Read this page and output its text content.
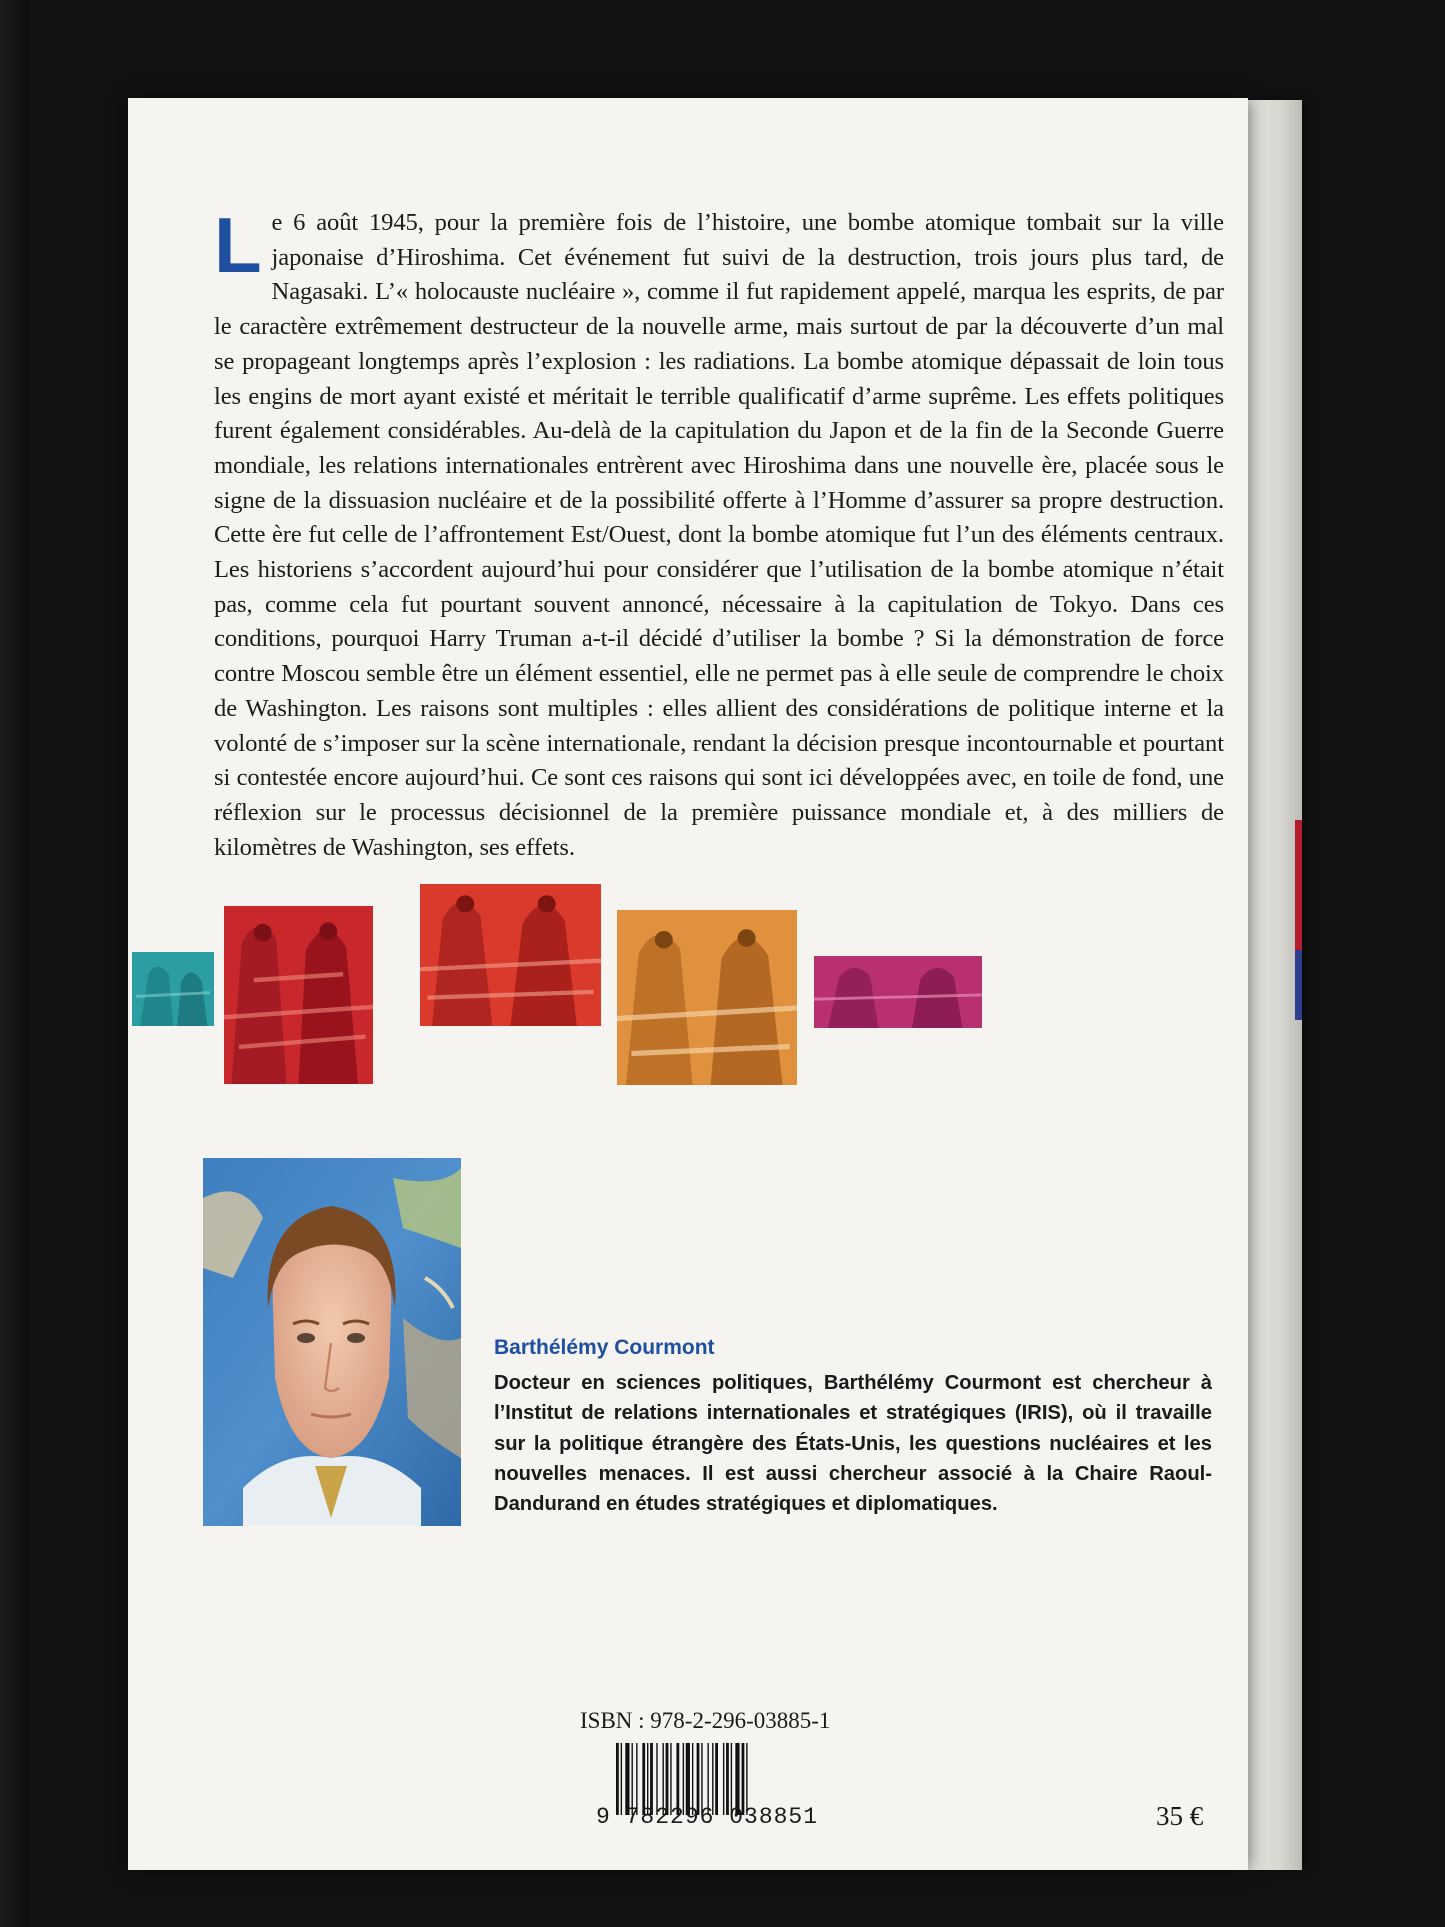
Le 6 août 1945, pour la première fois de l’histoire, une bombe atomique tombait sur la ville japonaise d’Hiroshima. Cet événement fut suivi de la destruction, trois jours plus tard, de Nagasaki. L’« holocauste nucléaire », comme il fut rapidement appelé, marqua les esprits, de par le caractère extrêmement destructeur de la nouvelle arme, mais surtout de par la découverte d’un mal se propageant longtemps après l’explosion : les radiations. La bombe atomique dépassait de loin tous les engins de mort ayant existé et méritait le terrible qualificatif d’arme suprême. Les effets politiques furent également considérables. Au-delà de la capitulation du Japon et de la fin de la Seconde Guerre mondiale, les relations internationales entrèrent avec Hiroshima dans une nouvelle ère, placée sous le signe de la dissuasion nucléaire et de la possibilité offerte à l’Homme d’assurer sa propre destruction. Cette ère fut celle de l’affrontement Est/Ouest, dont la bombe atomique fut l’un des éléments centraux. Les historiens s’accordent aujourd’hui pour considérer que l’utilisation de la bombe atomique n’était pas, comme cela fut pourtant souvent annoncé, nécessaire à la capitulation de Tokyo. Dans ces conditions, pourquoi Harry Truman a-t-il décidé d’utiliser la bombe ? Si la démonstration de force contre Moscou semble être un élément essentiel, elle ne permet pas à elle seule de comprendre le choix de Washington. Les raisons sont multiples : elles allient des considérations de politique interne et la volonté de s’imposer sur la scène internationale, rendant la décision presque incontournable et pourtant si contestée encore aujourd’hui. Ce sont ces raisons qui sont ici développées avec, en toile de fond, une réflexion sur le processus décisionnel de la première puissance mondiale et, à des milliers de kilomètres de Washington, ses effets.

Barthélémy Courmont

Docteur en sciences politiques, Barthélémy Courmont est chercheur à l’Institut de relations internationales et stratégiques (IRIS), où il travaille sur la politique étrangère des États-Unis, les questions nucléaires et les nouvelles menaces. Il est aussi chercheur associé à la Chaire Raoul-Dandurand en études stratégiques et diplomatiques.

ISBN : 978-2-296-03885-1
9 782296 038851	35 €
